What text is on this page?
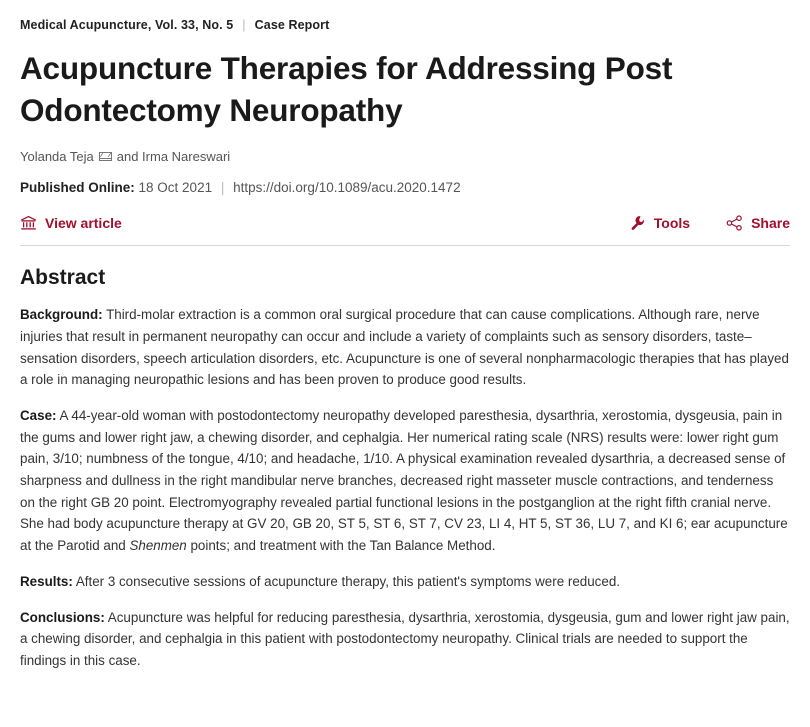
Medical Acupuncture,
Vol. 33, No. 5 | Case Report
Acupuncture Therapies for Addressing Post Odontectomy Neuropathy
Yolanda Teja and Irma Nareswari
Published Online: 18 Oct 2021 | https://doi.org/10.1089/acu.2020.1472
View article	Tools	Share
Abstract

Background: Third-molar extraction is a common oral surgical procedure that can cause complications. Although rare, nerve injuries that result in permanent neuropathy can occur and include a variety of complaints such as sensory disorders, taste–sensation disorders, speech articulation disorders, etc. Acupuncture is one of several nonpharmacologic therapies that has played a role in managing neuropathic lesions and has been proven to produce good results.

Case: A 44-year-old woman with postodontectomy neuropathy developed paresthesia, dysarthria, xerostomia, dysgeusia, pain in the gums and lower right jaw, a chewing disorder, and cephalgia. Her numerical rating scale (NRS) results were: lower right gum pain, 3/10; numbness of the tongue, 4/10; and headache, 1/10. A physical examination revealed dysarthria, a decreased sense of sharpness and dullness in the right mandibular nerve branches, decreased right masseter muscle contractions, and tenderness on the right GB 20 point. Electromyography revealed partial functional lesions in the postganglion at the right fifth cranial nerve. She had body acupuncture therapy at GV 20, GB 20, ST 5, ST 6, ST 7, CV 23, LI 4, HT 5, ST 36, LU 7, and KI 6; ear acupuncture at the Parotid and Shenmen points; and treatment with the Tan Balance Method.

Results: After 3 consecutive sessions of acupuncture therapy, this patient's symptoms were reduced.

Conclusions: Acupuncture was helpful for reducing paresthesia, dysarthria, xerostomia, dysgeusia, gum and lower right jaw pain, a chewing disorder, and cephalgia in this patient with postodontectomy neuropathy. Clinical trials are needed to support the findings in this case.
